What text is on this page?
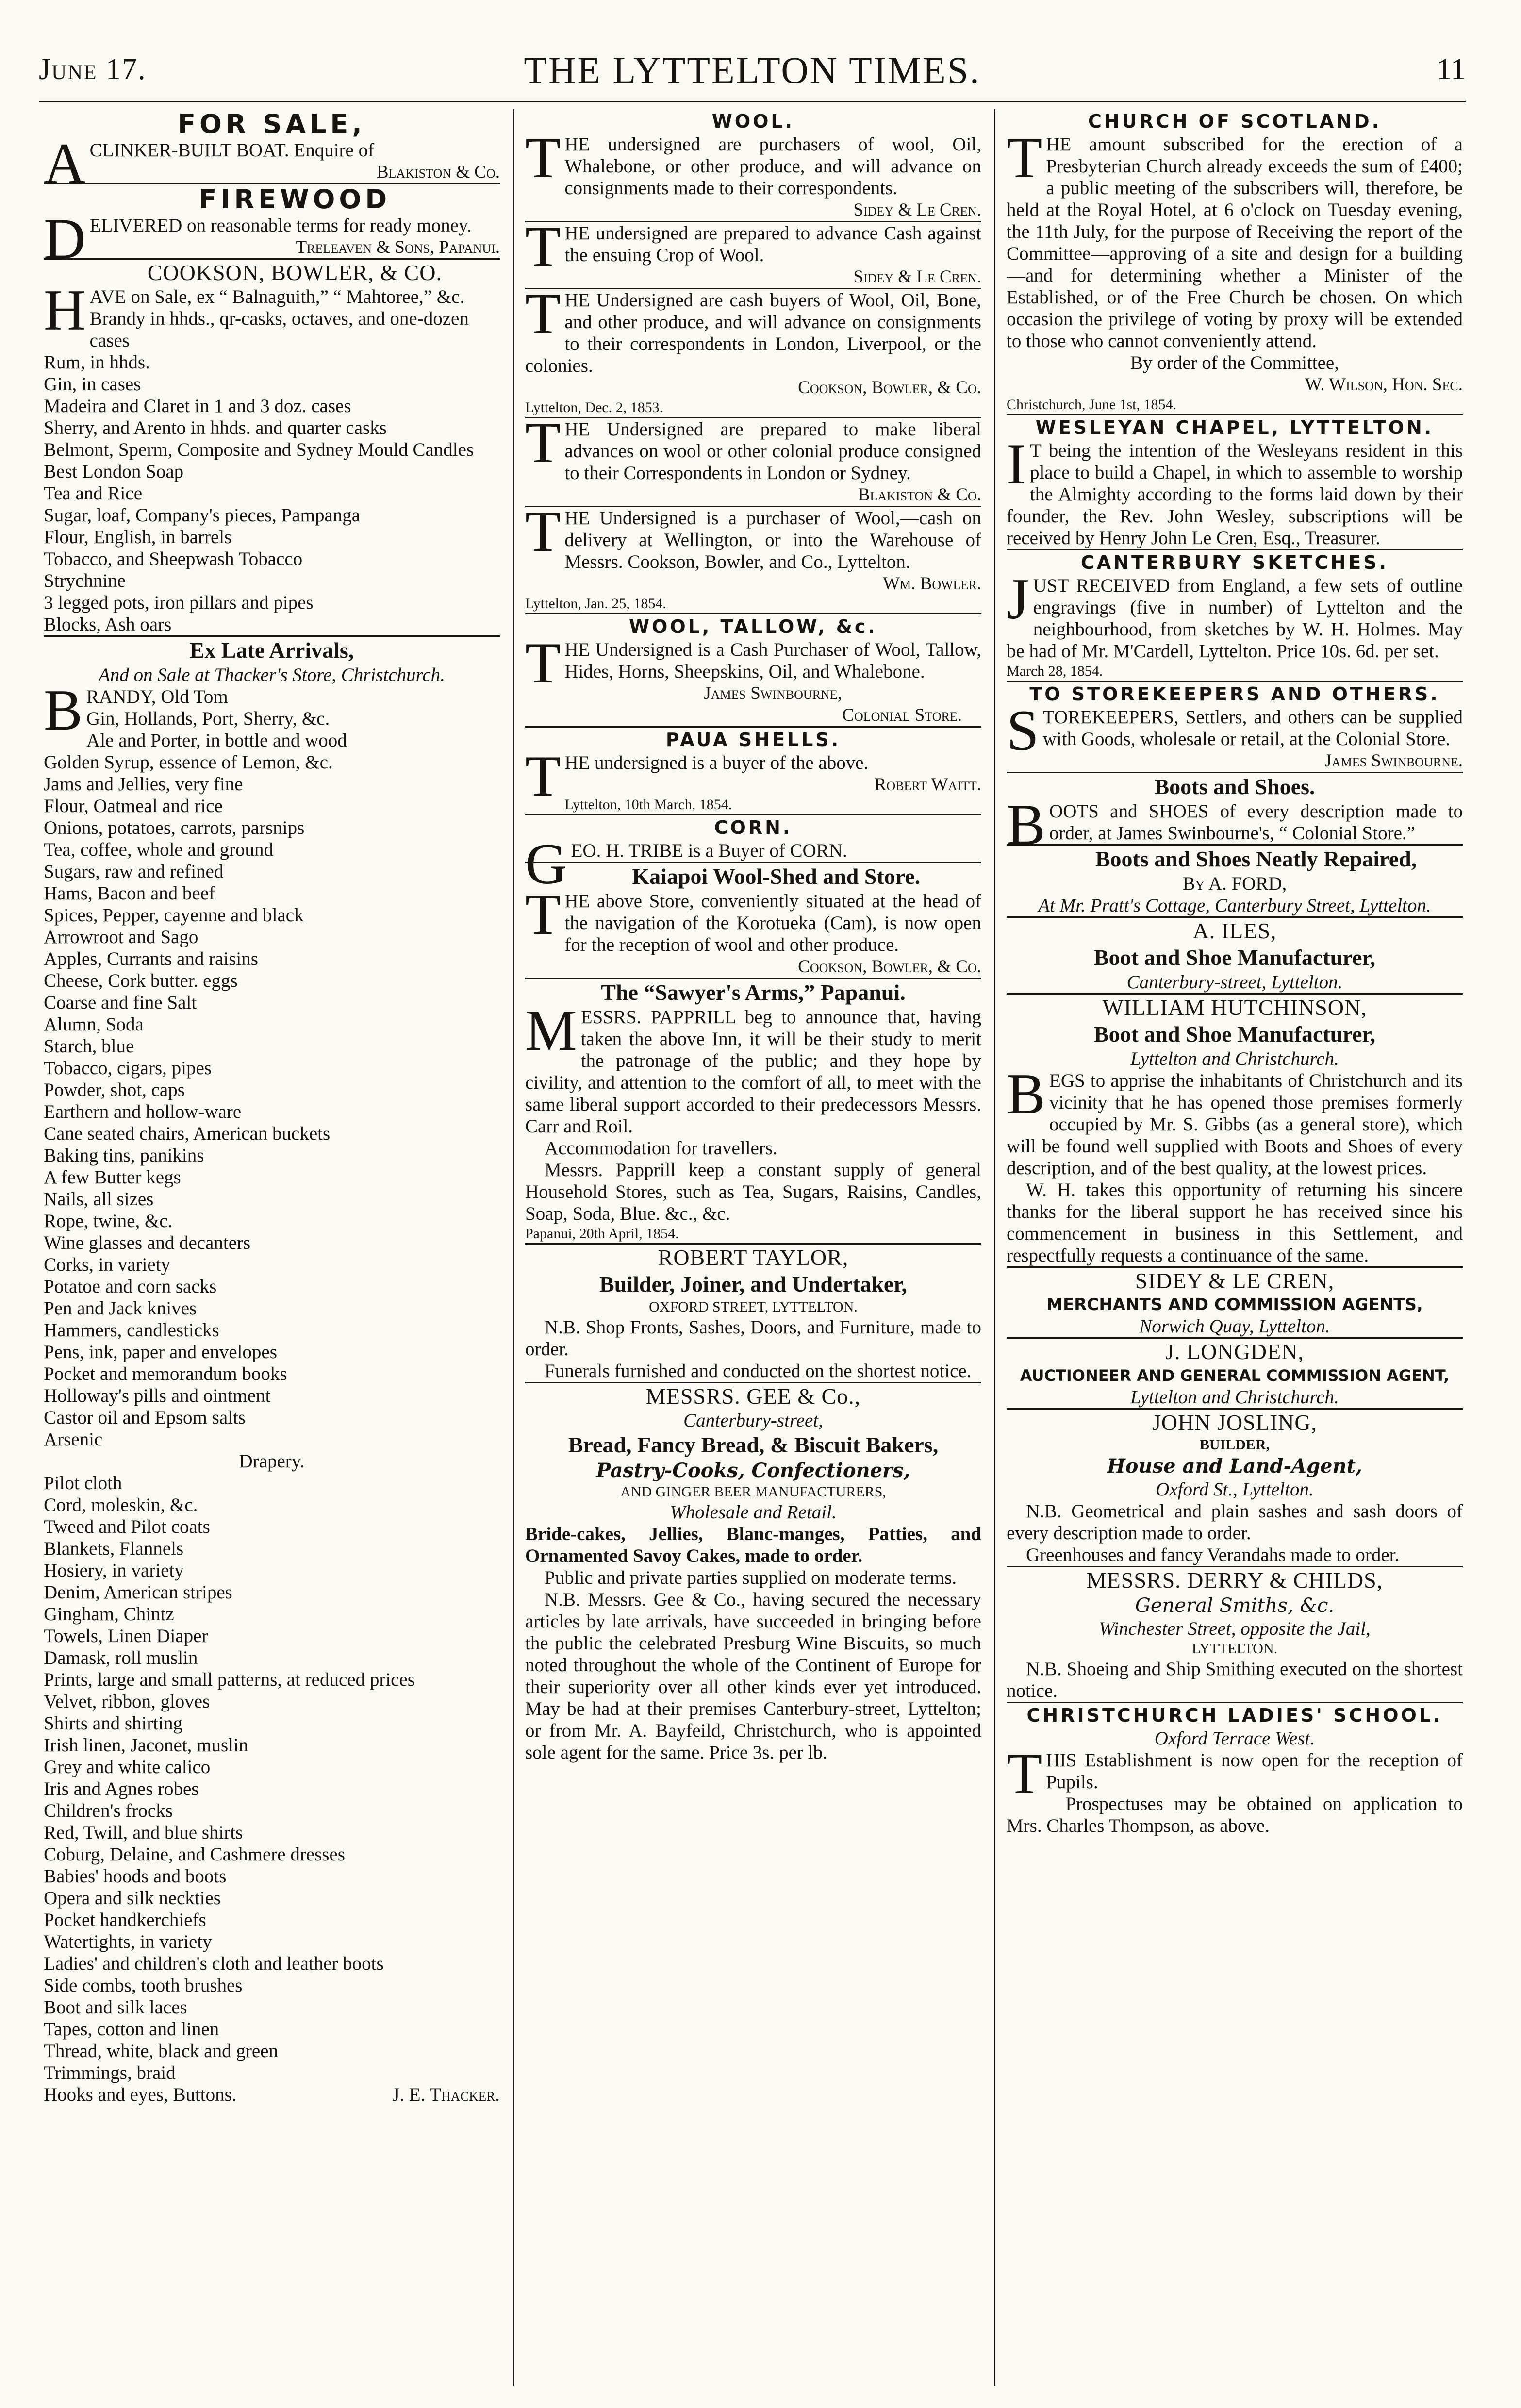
June 17.	THE LYTTELTON TIMES.	11
FOR SALE,

ACLINKER-BUILT BOAT. Enquire of

Blakiston & Co.

FIREWOOD

DELIVERED on reasonable terms for ready money.

Treleaven & Sons, Papanui.

COOKSON, BOWLER, & CO.

HAVE on Sale, ex “ Balnaguith,” “ Mahtoree,” &c.

Brandy in hhds., qr-casks, octaves, and one-dozen cases
Rum, in hhds.
Gin, in cases
Madeira and Claret in 1 and 3 doz. cases
Sherry, and Arento in hhds. and quarter casks
Belmont, Sperm, Composite and Sydney Mould Candles
Best London Soap
Tea and Rice
Sugar, loaf, Company's pieces, Pampanga
Flour, English, in barrels
Tobacco, and Sheepwash Tobacco
Strychnine
3 legged pots, iron pillars and pipes
Blocks, Ash oars
Ex Late Arrivals,

And on Sale at Thacker's Store, Christchurch.

BRANDY, Old Tom

Gin, Hollands, Port, Sherry, &c.
Ale and Porter, in bottle and wood
Golden Syrup, essence of Lemon, &c.
Jams and Jellies, very fine
Flour, Oatmeal and rice
Onions, potatoes, carrots, parsnips
Tea, coffee, whole and ground
Sugars, raw and refined
Hams, Bacon and beef
Spices, Pepper, cayenne and black
Arrowroot and Sago
Apples, Currants and raisins
Cheese, Cork butter. eggs
Coarse and fine Salt
Alumn, Soda
Starch, blue
Tobacco, cigars, pipes
Powder, shot, caps
Earthern and hollow-ware
Cane seated chairs, American buckets
Baking tins, panikins
A few Butter kegs
Nails, all sizes
Rope, twine, &c.
Wine glasses and decanters
Corks, in variety
Potatoe and corn sacks
Pen and Jack knives
Hammers, candlesticks
Pens, ink, paper and envelopes
Pocket and memorandum books
Holloway's pills and ointment
Castor oil and Epsom salts
Arsenic

Drapery.

Pilot cloth
Cord, moleskin, &c.
Tweed and Pilot coats
Blankets, Flannels
Hosiery, in variety
Denim, American stripes
Gingham, Chintz
Towels, Linen Diaper
Damask, roll muslin
Prints, large and small patterns, at reduced prices
Velvet, ribbon, gloves
Shirts and shirting
Irish linen, Jaconet, muslin
Grey and white calico
Iris and Agnes robes
Children's frocks
Red, Twill, and blue shirts
Coburg, Delaine, and Cashmere dresses
Babies' hoods and boots
Opera and silk neckties
Pocket handkerchiefs
Watertights, in variety
Ladies' and children's cloth and leather boots
Side combs, tooth brushes
Boot and silk laces
Tapes, cotton and linen
Thread, white, black and green
Trimmings, braid

Hooks and eyes, Buttons.	J. E. Thacker.

WOOL.

THE undersigned are purchasers of wool, Oil, Whalebone, or other produce, and will advance on consignments made to their correspondents.

Sidey & Le Cren.

THE undersigned are prepared to advance Cash against the ensuing Crop of Wool.

Sidey & Le Cren.

THE Undersigned are cash buyers of Wool, Oil, Bone, and other produce, and will advance on consignments to their correspondents in London, Liverpool, or the colonies.

Cookson, Bowler, & Co.

Lyttelton, Dec. 2, 1853.

THE Undersigned are prepared to make liberal advances on wool or other colonial produce consigned to their Correspondents in London or Sydney.

Blakiston & Co.

THE Undersigned is a purchaser of Wool,—cash on delivery at Wellington, or into the Warehouse of Messrs. Cookson, Bowler, and Co., Lyttelton.

Wm. Bowler.

Lyttelton, Jan. 25, 1854.

WOOL, TALLOW, &c.

THE Undersigned is a Cash Purchaser of Wool, Tallow, Hides, Horns, Sheepskins, Oil, and Whalebone.

James Swinbourne,

Colonial Store.

PAUA SHELLS.

THE undersigned is a buyer of the above.

Robert Waitt.

Lyttelton, 10th March, 1854.

CORN.

GEO. H. TRIBE is a Buyer of CORN.

Kaiapoi Wool-Shed and Store.

THE above Store, conveniently situated at the head of the navigation of the Korotueka (Cam), is now open for the reception of wool and other produce.

Cookson, Bowler, & Co.

The “Sawyer's Arms,” Papanui.

MESSRS. PAPPRILL beg to announce that, having taken the above Inn, it will be their study to merit the patronage of the public; and they hope by civility, and attention to the comfort of all, to meet with the same liberal support accorded to their predecessors Messrs. Carr and Roil.

Accommodation for travellers.

Messrs. Papprill keep a constant supply of general Household Stores, such as Tea, Sugars, Raisins, Candles, Soap, Soda, Blue. &c., &c.

Papanui, 20th April, 1854.

ROBERT TAYLOR,
Builder, Joiner, and Undertaker,

OXFORD STREET, LYTTELTON.

N.B. Shop Fronts, Sashes, Doors, and Furniture, made to order.

Funerals furnished and conducted on the shortest notice.

MESSRS. GEE & Co.,

Canterbury-street,

Bread, Fancy Bread, & Biscuit Bakers,
Pastry-Cooks, Confectioners,

AND GINGER BEER MANUFACTURERS,

Wholesale and Retail.

Bride-cakes, Jellies, Blanc-manges, Patties, and Ornamented Savoy Cakes, made to order.

Public and private parties supplied on moderate terms.

N.B. Messrs. Gee & Co., having secured the necessary articles by late arrivals, have succeeded in bringing before the public the celebrated Presburg Wine Biscuits, so much noted throughout the whole of the Continent of Europe for their superiority over all other kinds ever yet introduced. May be had at their premises Canterbury-street, Lyttelton; or from Mr. A. Bayfeild, Christchurch, who is appointed sole agent for the same. Price 3s. per lb.

CHURCH OF SCOTLAND.

THE amount subscribed for the erection of a Presbyterian Church already exceeds the sum of £400; a public meeting of the subscribers will, therefore, be held at the Royal Hotel, at 6 o'clock on Tuesday evening, the 11th July, for the purpose of Receiving the report of the Committee—approving of a site and design for a building—and for determining whether a Minister of the Established, or of the Free Church be chosen. On which occasion the privilege of voting by proxy will be extended to those who cannot conveniently attend.

By order of the Committee,

W. Wilson, Hon. Sec.

Christchurch, June 1st, 1854.

WESLEYAN CHAPEL, LYTTELTON.

IT being the intention of the Wesleyans resident in this place to build a Chapel, in which to assemble to worship the Almighty according to the forms laid down by their founder, the Rev. John Wesley, subscriptions will be received by Henry John Le Cren, Esq., Treasurer.

CANTERBURY SKETCHES.

JUST RECEIVED from England, a few sets of outline engravings (five in number) of Lyttelton and the neighbourhood, from sketches by W. H. Holmes. May be had of Mr. M'Cardell, Lyttelton. Price 10s. 6d. per set.

March 28, 1854.

TO STOREKEEPERS AND OTHERS.

STOREKEEPERS, Settlers, and others can be supplied with Goods, wholesale or retail, at the Colonial Store.

James Swinbourne.

Boots and Shoes.

BOOTS and SHOES of every description made to order, at James Swinbourne's, “ Colonial Store.”

Boots and Shoes Neatly Repaired,

By A. FORD,

At Mr. Pratt's Cottage, Canterbury Street, Lyttelton.

A. ILES,
Boot and Shoe Manufacturer,

Canterbury-street, Lyttelton.

WILLIAM HUTCHINSON,
Boot and Shoe Manufacturer,

Lyttelton and Christchurch.

BEGS to apprise the inhabitants of Christchurch and its vicinity that he has opened those premises formerly occupied by Mr. S. Gibbs (as a general store), which will be found well supplied with Boots and Shoes of every description, and of the best quality, at the lowest prices.

W. H. takes this opportunity of returning his sincere thanks for the liberal support he has received since his commencement in business in this Settlement, and respectfully requests a continuance of the same.

SIDEY & LE CREN,
MERCHANTS AND COMMISSION AGENTS,

Norwich Quay, Lyttelton.

J. LONGDEN,
AUCTIONEER AND GENERAL COMMISSION AGENT,

Lyttelton and Christchurch.

JOHN JOSLING,

BUILDER,

House and Land-Agent,

Oxford St., Lyttelton.

N.B. Geometrical and plain sashes and sash doors of every description made to order.

Greenhouses and fancy Verandahs made to order.

MESSRS. DERRY & CHILDS,
General Smiths, &c.

Winchester Street, opposite the Jail,

LYTTELTON.

N.B. Shoeing and Ship Smithing executed on the shortest notice.

CHRISTCHURCH LADIES' SCHOOL.

Oxford Terrace West.

THIS Establishment is now open for the reception of Pupils.

Prospectuses may be obtained on application to Mrs. Charles Thompson, as above.
